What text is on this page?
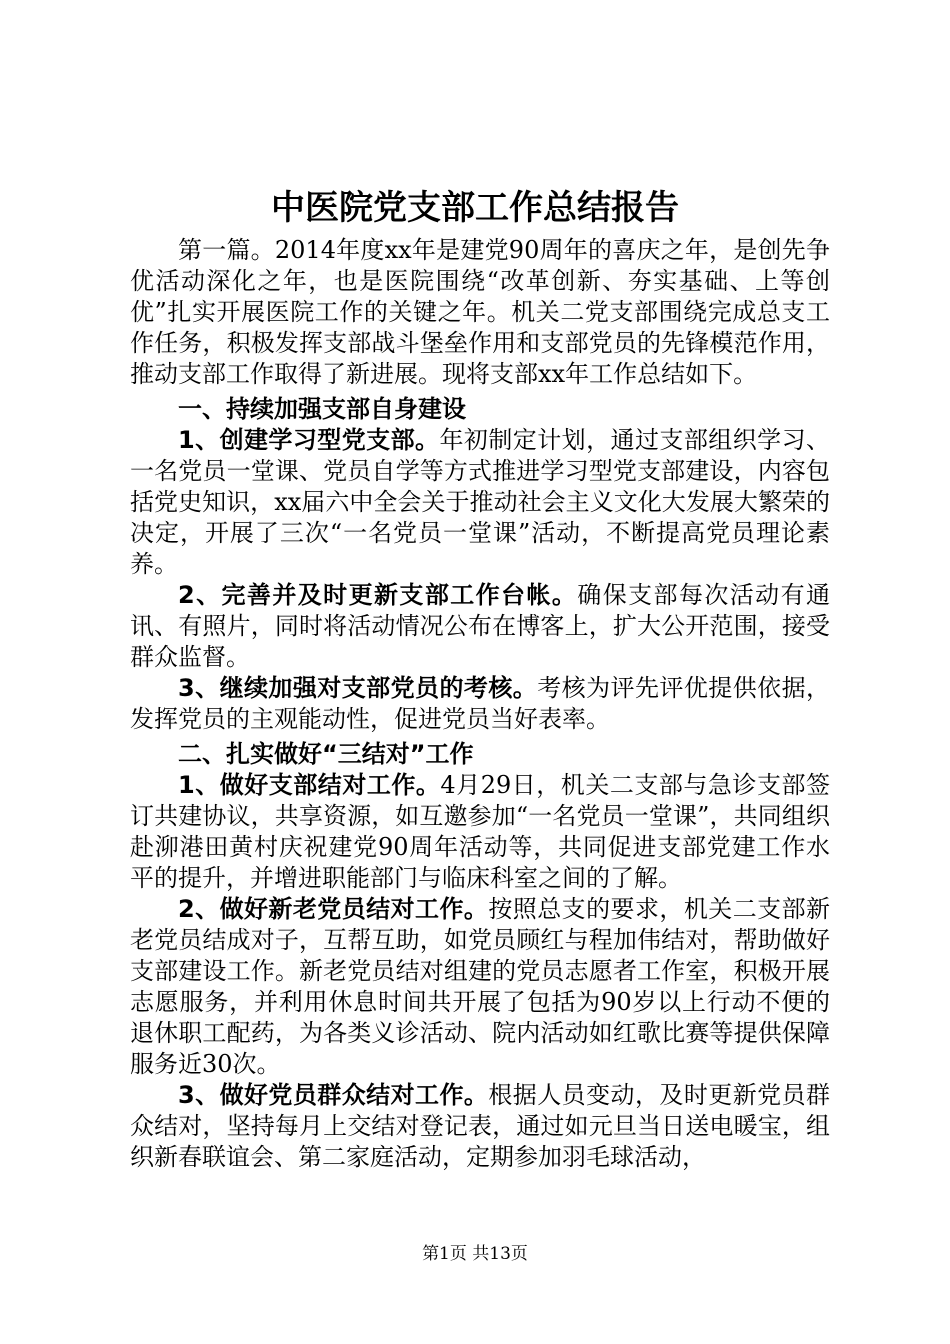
中医院党支部工作总结报告

第一篇。2014年度xx年是建党90周年的喜庆之年，是创先争优活动深化之年，也是医院围绕“改革创新、夯实基础、上等创优”扎实开展医院工作的关键之年。机关二党支部围绕完成总支工作任务，积极发挥支部战斗堡垒作用和支部党员的先锋模范作用，推动支部工作取得了新进展。现将支部xx年工作总结如下。

一、持续加强支部自身建设

1、创建学习型党支部。年初制定计划，通过支部组织学习、一名党员一堂课、党员自学等方式推进学习型党支部建设，内容包括党史知识，xx届六中全会关于推动社会主义文化大发展大繁荣的决定，开展了三次“一名党员一堂课”活动，不断提高党员理论素养。

2、完善并及时更新支部工作台帐。确保支部每次活动有通讯、有照片，同时将活动情况公布在博客上，扩大公开范围，接受群众监督。

3、继续加强对支部党员的考核。考核为评先评优提供依据，发挥党员的主观能动性，促进党员当好表率。

二、扎实做好“三结对”工作

1、做好支部结对工作。4月29日，机关二支部与急诊支部签订共建协议，共享资源，如互邀参加“一名党员一堂课”，共同组织赴泖港田黄村庆祝建党90周年活动等，共同促进支部党建工作水平的提升，并增进职能部门与临床科室之间的了解。

2、做好新老党员结对工作。按照总支的要求，机关二支部新老党员结成对子，互帮互助，如党员顾红与程加伟结对，帮助做好支部建设工作。新老党员结对组建的党员志愿者工作室，积极开展志愿服务，并利用休息时间共开展了包括为90岁以上行动不便的退休职工配药，为各类义诊活动、院内活动如红歌比赛等提供保障服务近30次。

3、做好党员群众结对工作。根据人员变动，及时更新党员群众结对，坚持每月上交结对登记表，通过如元旦当日送电暖宝，组织新春联谊会、第二家庭活动，定期参加羽毛球活动，

第1页 共13页
